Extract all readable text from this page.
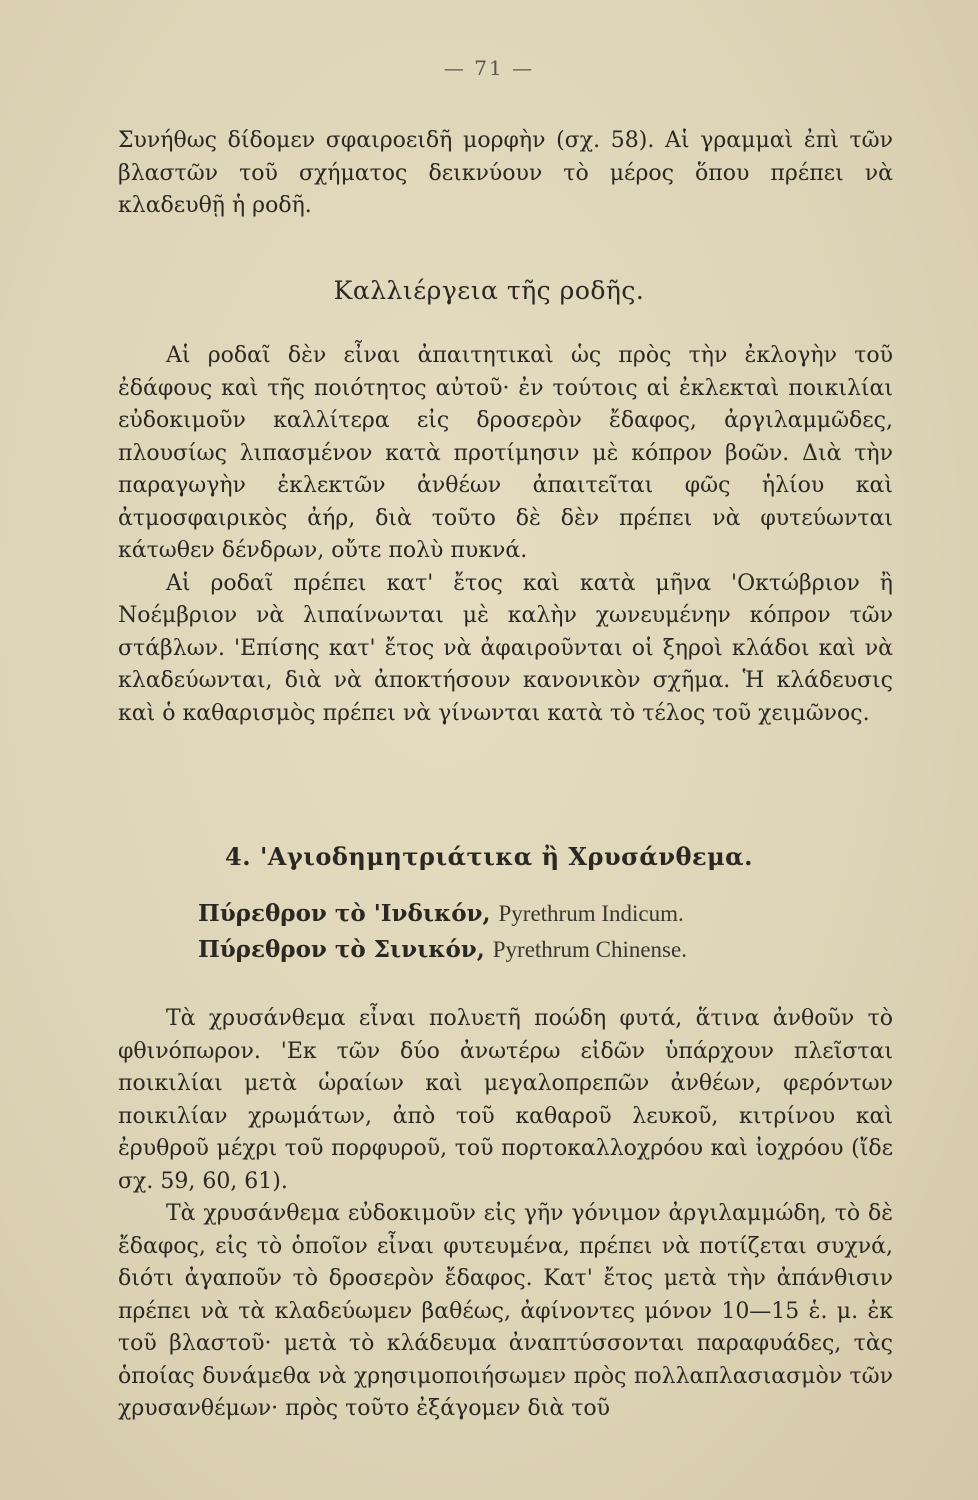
— 71 —

Συνήθως δίδομεν σφαιροειδῆ μορφὴν (σχ. 58). Αἱ γραμμαὶ ἐπὶ τῶν βλαστῶν τοῦ σχήματος δεικνύουν τὸ μέρος ὅπου πρέπει νὰ κλαδευθῇ ἡ ροδῆ.

Καλλιέργεια τῆς ροδῆς.

Αἱ ροδαῖ δὲν εἶναι ἀπαιτητικαὶ ὡς πρὸς τὴν ἐκλογὴν τοῦ ἐδάφους καὶ τῆς ποιότητος αὐτοῦ· ἐν τούτοις αἱ ἐκλεκταὶ ποικιλίαι εὐδοκιμοῦν καλλίτερα εἰς δροσερὸν ἔδαφος, ἀργιλαμμῶδες, πλουσίως λιπασμένον κατὰ προτίμησιν μὲ κόπρον βοῶν. Διὰ τὴν παραγωγὴν ἐκλεκτῶν ἀνθέων ἀπαιτεῖται φῶς ἡλίου καὶ ἀτμοσφαιρικὸς ἀήρ, διὰ τοῦτο δὲ δὲν πρέπει νὰ φυτεύωνται κάτωθεν δένδρων, οὔτε πολὺ πυκνά.

Αἱ ροδαῖ πρέπει κατ' ἔτος καὶ κατὰ μῆνα 'Οκτώβριον ἢ Νοέμβριον νὰ λιπαίνωνται μὲ καλὴν χωνευμένην κόπρον τῶν στάβλων. 'Επίσης κατ' ἔτος νὰ ἀφαιροῦνται οἱ ξηροὶ κλάδοι καὶ νὰ κλαδεύωνται, διὰ νὰ ἀποκτήσουν κανονικὸν σχῆμα. Ἡ κλάδευσις καὶ ὁ καθαρισμὸς πρέπει νὰ γίνωνται κατὰ τὸ τέλος τοῦ χειμῶνος.

4. 'Αγιοδημητριάτικα ἢ Χρυσάνθεμα.
Πύρεθρον τὸ 'Ινδικόν, Pyrethrum Indicum.
Πύρεθρον τὸ Σινικόν, Pyrethrum Chinense.

Τὰ χρυσάνθεμα εἶναι πολυετῆ ποώδη φυτά, ἅτινα ἀνθοῦν τὸ φθινόπωρον. 'Εκ τῶν δύο ἀνωτέρω εἰδῶν ὑπάρχουν πλεῖσται ποικιλίαι μετὰ ὡραίων καὶ μεγαλοπρεπῶν ἀνθέων, φερόντων ποικιλίαν χρωμάτων, ἀπὸ τοῦ καθαροῦ λευκοῦ, κιτρίνου καὶ ἐρυθροῦ μέχρι τοῦ πορφυροῦ, τοῦ πορτοκαλλοχρόου καὶ ἰοχρόου (ἴδε σχ. 59, 60, 61).

Τὰ χρυσάνθεμα εὐδοκιμοῦν εἰς γῆν γόνιμον ἀργιλαμμώδη, τὸ δὲ ἔδαφος, εἰς τὸ ὁποῖον εἶναι φυτευμένα, πρέπει νὰ ποτίζεται συχνά, διότι ἀγαποῦν τὸ δροσερὸν ἔδαφος. Κατ' ἔτος μετὰ τὴν ἀπάνθισιν πρέπει νὰ τὰ κλαδεύωμεν βαθέως, ἀφίνοντες μόνον 10—15 ἑ. μ. ἐκ τοῦ βλαστοῦ· μετὰ τὸ κλάδευμα ἀναπτύσσονται παραφυάδες, τὰς ὁποίας δυνάμεθα νὰ χρησιμοποιήσωμεν πρὸς πολλαπλασιασμὸν τῶν χρυσανθέμων· πρὸς τοῦτο ἐξάγομεν διὰ τοῦ
